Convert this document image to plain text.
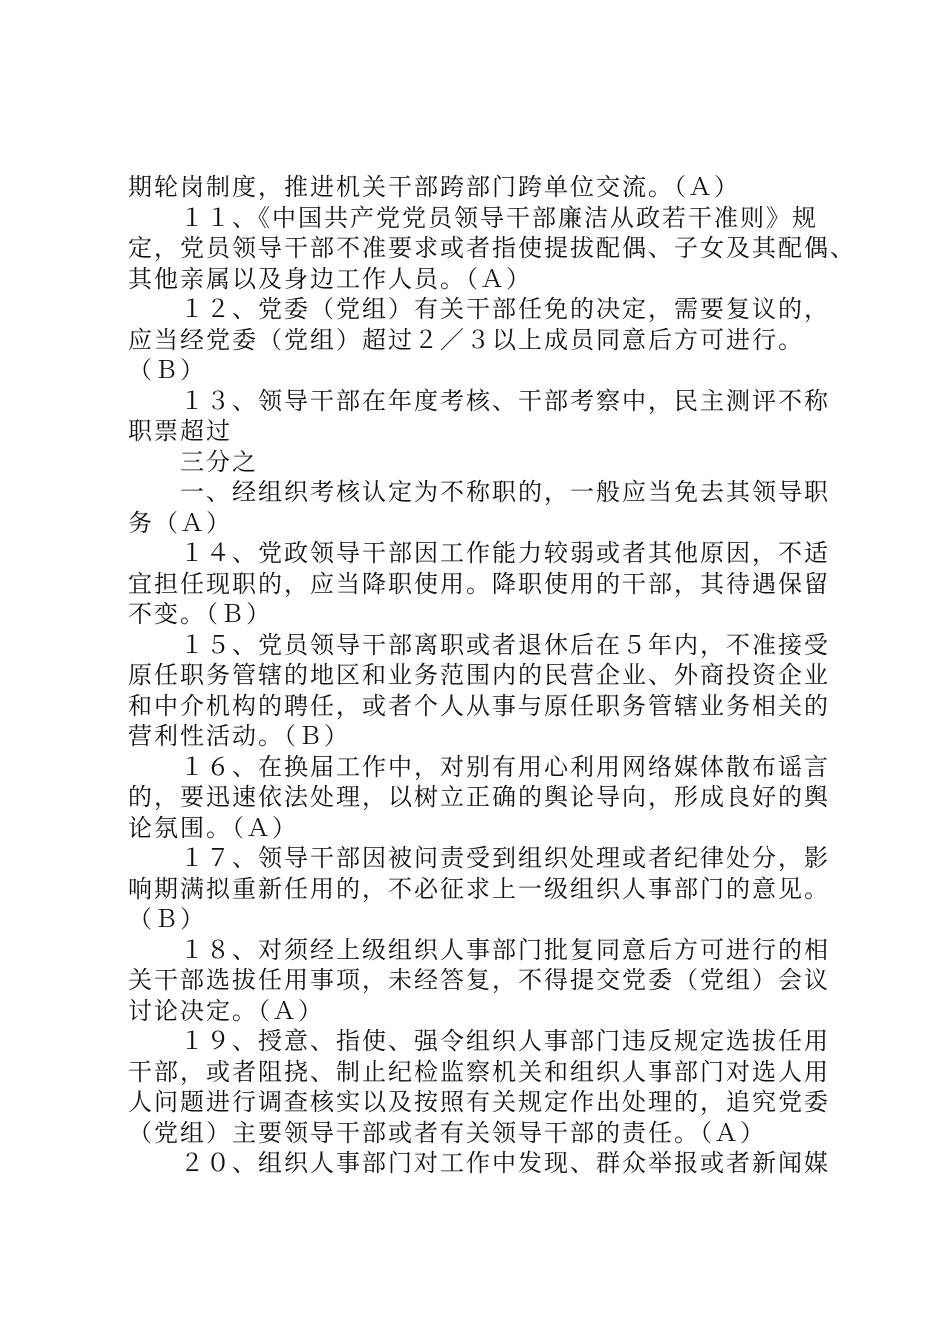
期轮岗制度，推进机关干部跨部门跨单位交流。（Ａ）
１１、《中国共产党党员领导干部廉洁从政若干准则》规
定，党员领导干部不准要求或者指使提拔配偶、子女及其配偶、
其他亲属以及身边工作人员。（Ａ）
１２、党委（党组）有关干部任免的决定，需要复议的，
应当经党委（党组）超过２／３以上成员同意后方可进行。
（Ｂ）
１３、领导干部在年度考核、干部考察中，民主测评不称
职票超过
三分之
一、经组织考核认定为不称职的，一般应当免去其领导职
务（Ａ）
１４、党政领导干部因工作能力较弱或者其他原因，不适
宜担任现职的，应当降职使用。降职使用的干部，其待遇保留
不变。（Ｂ）
１５、党员领导干部离职或者退休后在５年内，不准接受
原任职务管辖的地区和业务范围内的民营企业、外商投资企业
和中介机构的聘任，或者个人从事与原任职务管辖业务相关的
营利性活动。（Ｂ）
１６、在换届工作中，对别有用心利用网络媒体散布谣言
的，要迅速依法处理，以树立正确的舆论导向，形成良好的舆
论氛围。（Ａ）
１７、领导干部因被问责受到组织处理或者纪律处分，影
响期满拟重新任用的，不必征求上一级组织人事部门的意见。
（Ｂ）
１８、对须经上级组织人事部门批复同意后方可进行的相
关干部选拔任用事项，未经答复，不得提交党委（党组）会议
讨论决定。（Ａ）
１９、授意、指使、强令组织人事部门违反规定选拔任用
干部，或者阻挠、制止纪检监察机关和组织人事部门对选人用
人问题进行调查核实以及按照有关规定作出处理的，追究党委
（党组）主要领导干部或者有关领导干部的责任。（Ａ）
２０、组织人事部门对工作中发现、群众举报或者新闻媒
